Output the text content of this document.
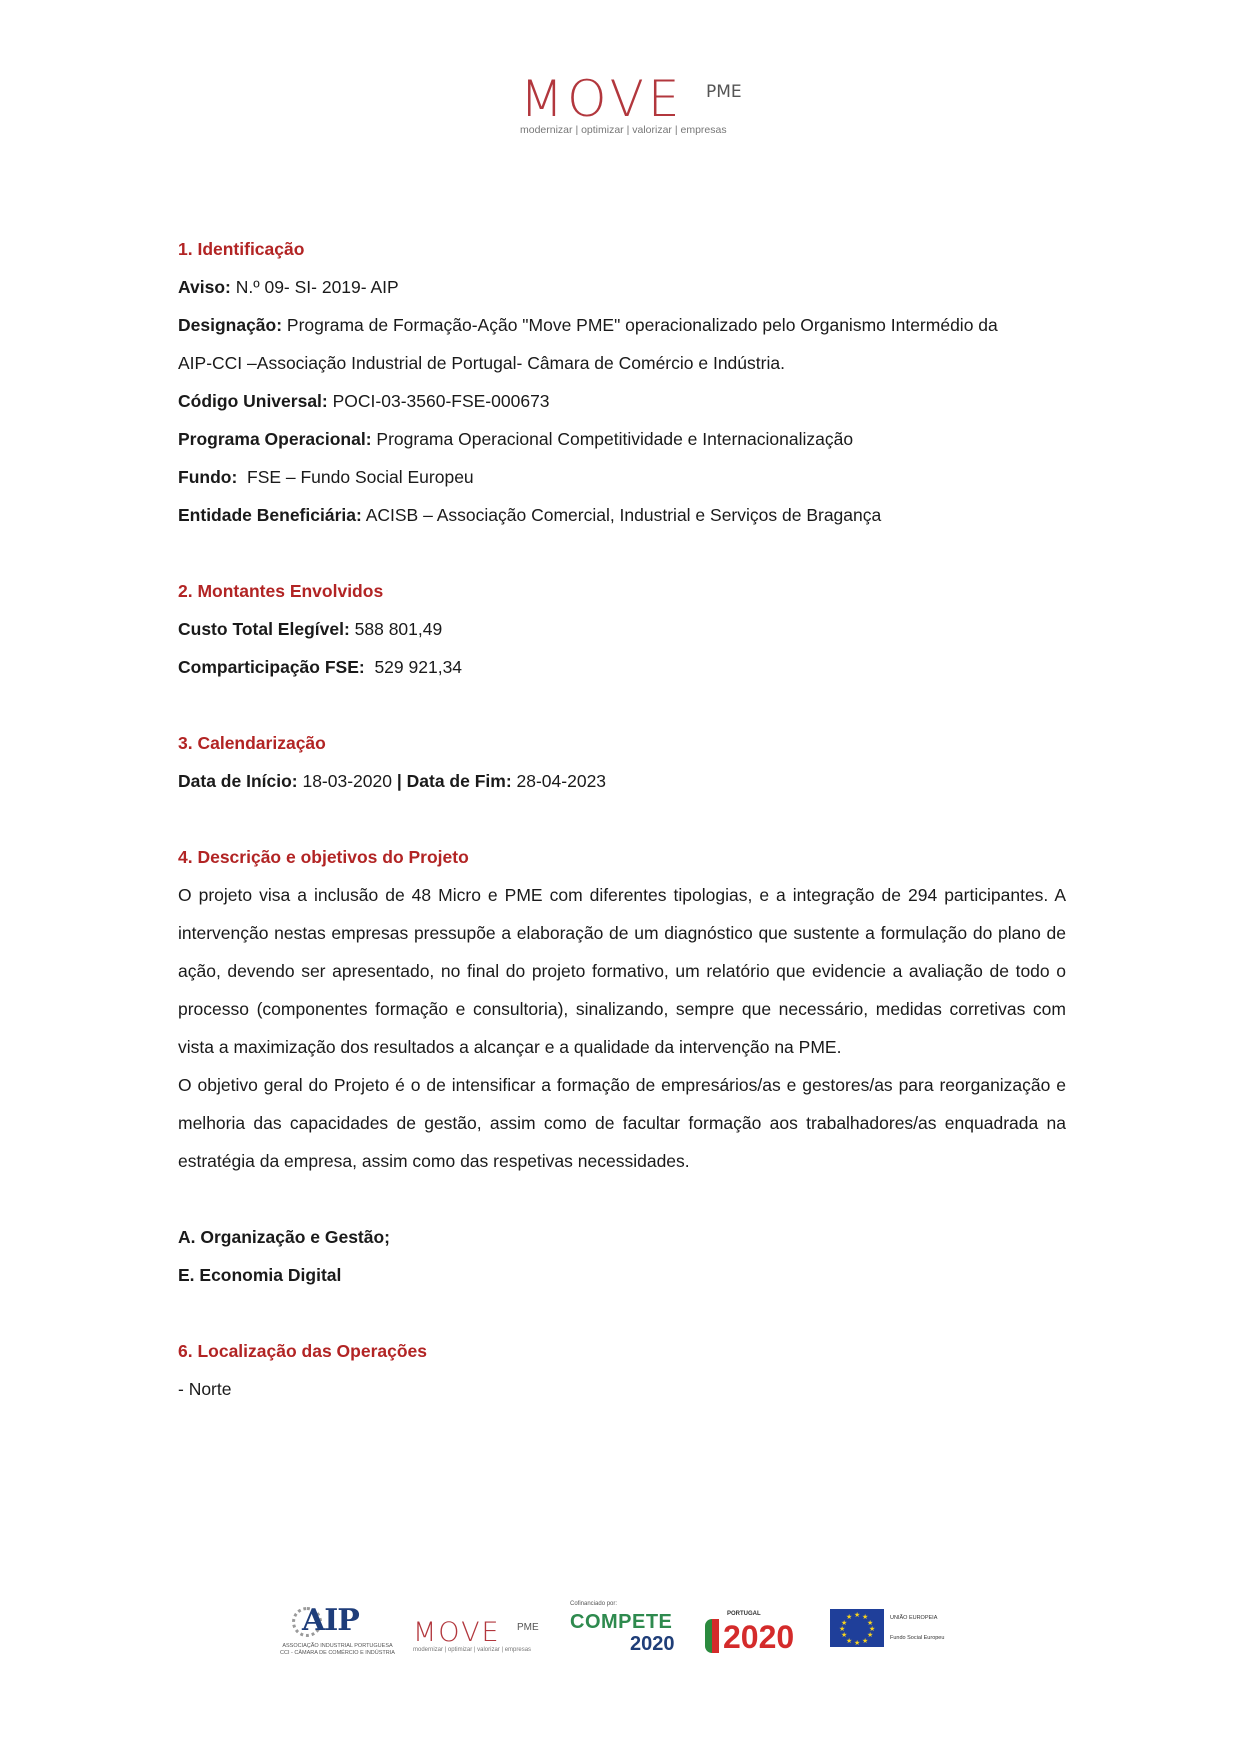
MOVE PME
modernizar | optimizar | valorizar | empresas

1. Identificação

Aviso: N.º 09- SI- 2019- AIP

Designação: Programa de Formação-Ação "Move PME" operacionalizado pelo Organismo Intermédio da

AIP-CCI –Associação Industrial de Portugal- Câmara de Comércio e Indústria.

Código Universal: POCI-03-3560-FSE-000673

Programa Operacional: Programa Operacional Competitividade e Internacionalização

Fundo:  FSE – Fundo Social Europeu

Entidade Beneficiária: ACISB – Associação Comercial, Industrial e Serviços de Bragança

2. Montantes Envolvidos

Custo Total Elegível: 588 801,49

Comparticipação FSE:  529 921,34

3. Calendarização

Data de Início: 18-03-2020 | Data de Fim: 28-04-2023

4. Descrição e objetivos do Projeto

O projeto visa a inclusão de 48 Micro e PME com diferentes tipologias, e a integração de 294 participantes. A intervenção nestas empresas pressupõe a elaboração de um diagnóstico que sustente a formulação do plano de ação, devendo ser apresentado, no final do projeto formativo, um relatório que evidencie a avaliação de todo o processo (componentes formação e consultoria), sinalizando, sempre que necessário, medidas corretivas com vista a maximização dos resultados a alcançar e a qualidade da intervenção na PME.

O objetivo geral do Projeto é o de intensificar a formação de empresários/as e gestores/as para reorganização e melhoria das capacidades de gestão, assim como de facultar formação aos trabalhadores/as enquadrada na estratégia da empresa, assim como das respetivas necessidades.

A. Organização e Gestão;

E. Economia Digital

6. Localização das Operações

- Norte

AIP
ASSOCIAÇÃO INDUSTRIAL PORTUGUESA CCI - CÂMARA DE COMÉRCIO E INDÚSTRIA
MOVE PME
modernizar | optimizar | valorizar | empresas
Cofinanciado por:
COMPETE
2020
PORTUGAL
2020
★ ★
★
★
★
★
★
★
★
★
★
★	UNIÃO EUROPEIA
Fundo Social Europeu
